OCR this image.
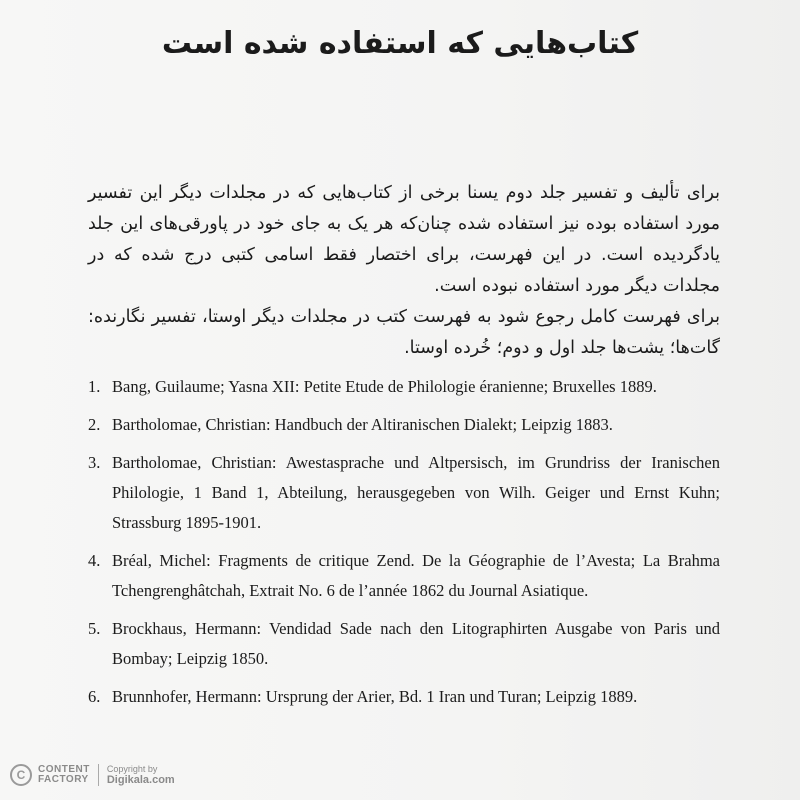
کتاب‌هایی که استفاده شده است

برای تألیف و تفسیر جلد دوم یسنا برخی از کتاب‌هایی که در مجلدات دیگر این تفسیر مورد استفاده بوده نیز استفاده شده چنان‌که هر یک به جای خود در پاورقی‌های این جلد یادگردیده است. در این فهرست، برای اختصار فقط اسامی کتبی درج شده که در مجلدات دیگر مورد استفاده نبوده است.

برای فهرست کامل رجوع شود به فهرست کتب در مجلدات دیگر اوستا، تفسیر نگارنده: گات‌ها؛ یشت‌ها جلد اول و دوم؛ خُرده اوستا.

1. Bang, Guilaume; Yasna XII: Petite Etude de Philologie éranienne; Bruxelles 1889.
2. Bartholomae, Christian: Handbuch der Altiranischen Dialekt; Leipzig 1883.
3. Bartholomae, Christian: Awestasprache und Altpersisch, im Grundriss der Iranischen Philologie, 1 Band 1, Abteilung, herausgegeben von Wilh. Geiger und Ernst Kuhn; Strassburg 1895-1901.
4. Bréal, Michel: Fragments de critique Zend. De la Géographie de l’Avesta; La Brahma Tchengrenghâtchah, Extrait No. 6 de l’année 1862 du Journal Asiatique.
5. Brockhaus, Hermann: Vendidad Sade nach den Litographirten Ausgabe von Paris und Bombay; Leipzig 1850.
6. Brunnhofer, Hermann: Ursprung der Arier, Bd. 1 Iran und Turan; Leipzig 1889.
C	CONTENT
FACTORY
Copyright by
Digikala.com
